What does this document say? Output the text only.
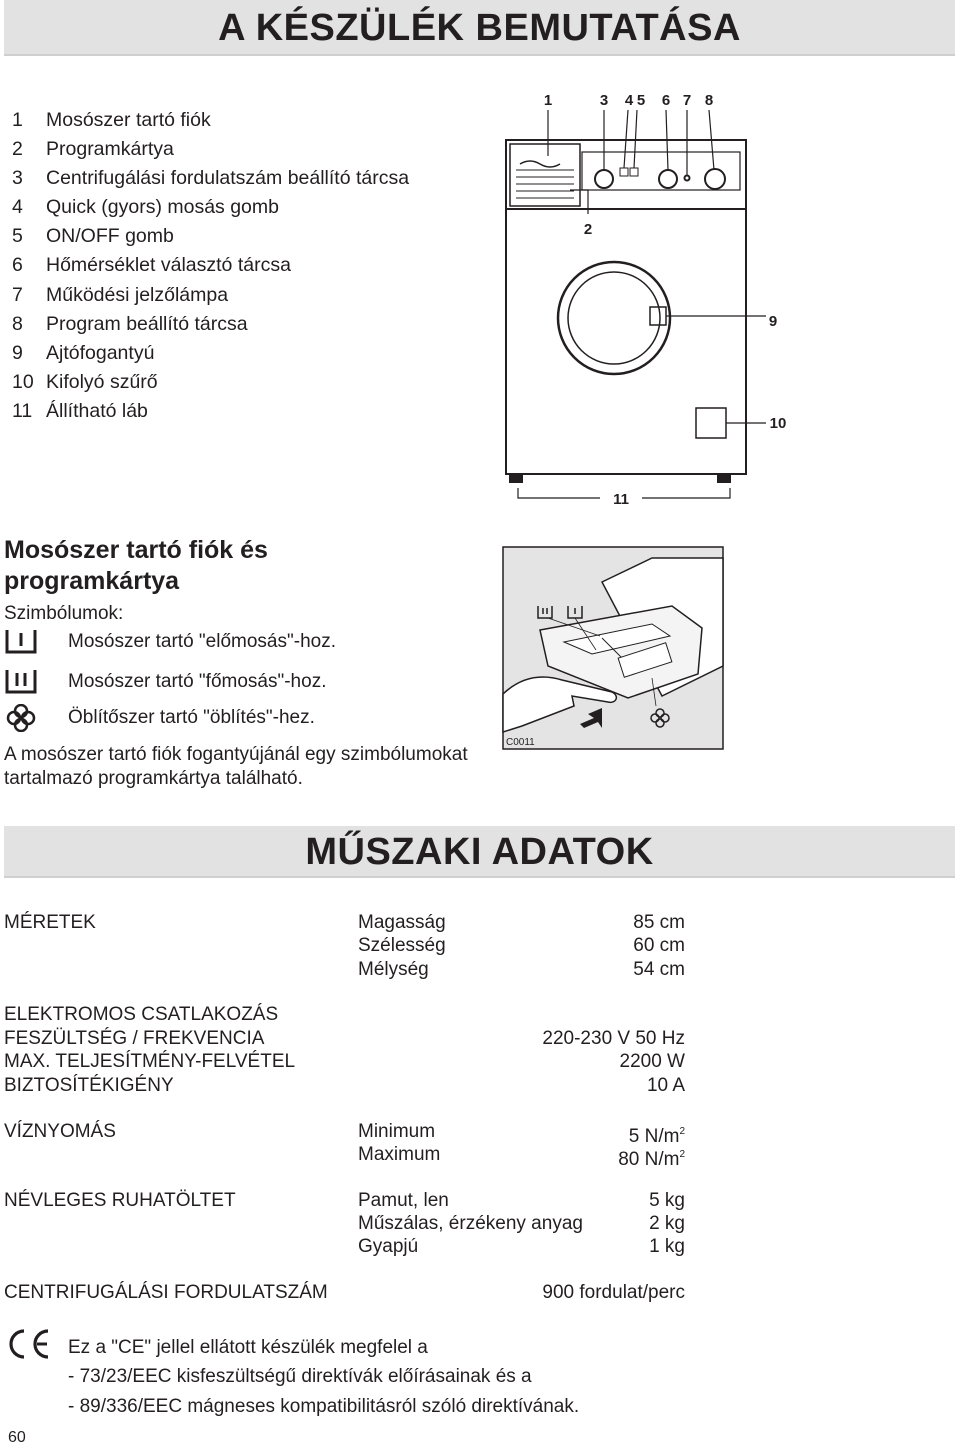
A KÉSZÜLÉK BEMUTATÁSA
1 Mosószer tartó fiók
2 Programkártya
3 Centrifugálási fordulatszám beállító tárcsa
4 Quick (gyors) mosás gomb
5 ON/OFF gomb
6 Hőmérséklet választó tárcsa
7 Működési jelzőlámpa
8 Program beállító tárcsa
9 Ajtófogantyú
10 Kifolyó szűrő
11 Állítható láb
1	3 4 5 6 7 8
2
9
10
11
Mosószer tartó fiók és programkártya
Szimbólumok:
Mosószer tartó "előmosás"-hoz.
Mosószer tartó "főmosás"-hoz.
Öblítőszer tartó "öblítés"-hez.
A mosószer tartó fiók fogantyújánál egy szimbólumokat tartalmazó programkártya található.
C0011
MŰSZAKI ADATOK
MÉRETEK	Magasság	85 cm
Szélesség	60 cm
Mélység	54 cm
ELEKTROMOS CSATLAKOZÁS
FESZÜLTSÉG / FREKVENCIA	220-230 V 50 Hz
MAX. TELJESÍTMÉNY-FELVÉTEL	2200 W
BIZTOSÍTÉKIGÉNY	10 A
VÍZNYOMÁS	Minimum	5 $N/m^2$
Maximum	80 $N/m^2$
NÉVLEGES RUHATÖLTET	Pamut, len	5 kg
Műszálas, érzékeny anyag	2 kg
Gyapjú	1 kg
CENTRIFUGÁLÁSI FORDULATSZÁM	900 fordulat/perc
Ez a "CE" jellel ellátott készülék megfelel a
- 73/23/EEC kisfeszültségű direktívák előírásainak és a
- 89/336/EEC mágneses kompatibilitásról szóló direktívának.
60
